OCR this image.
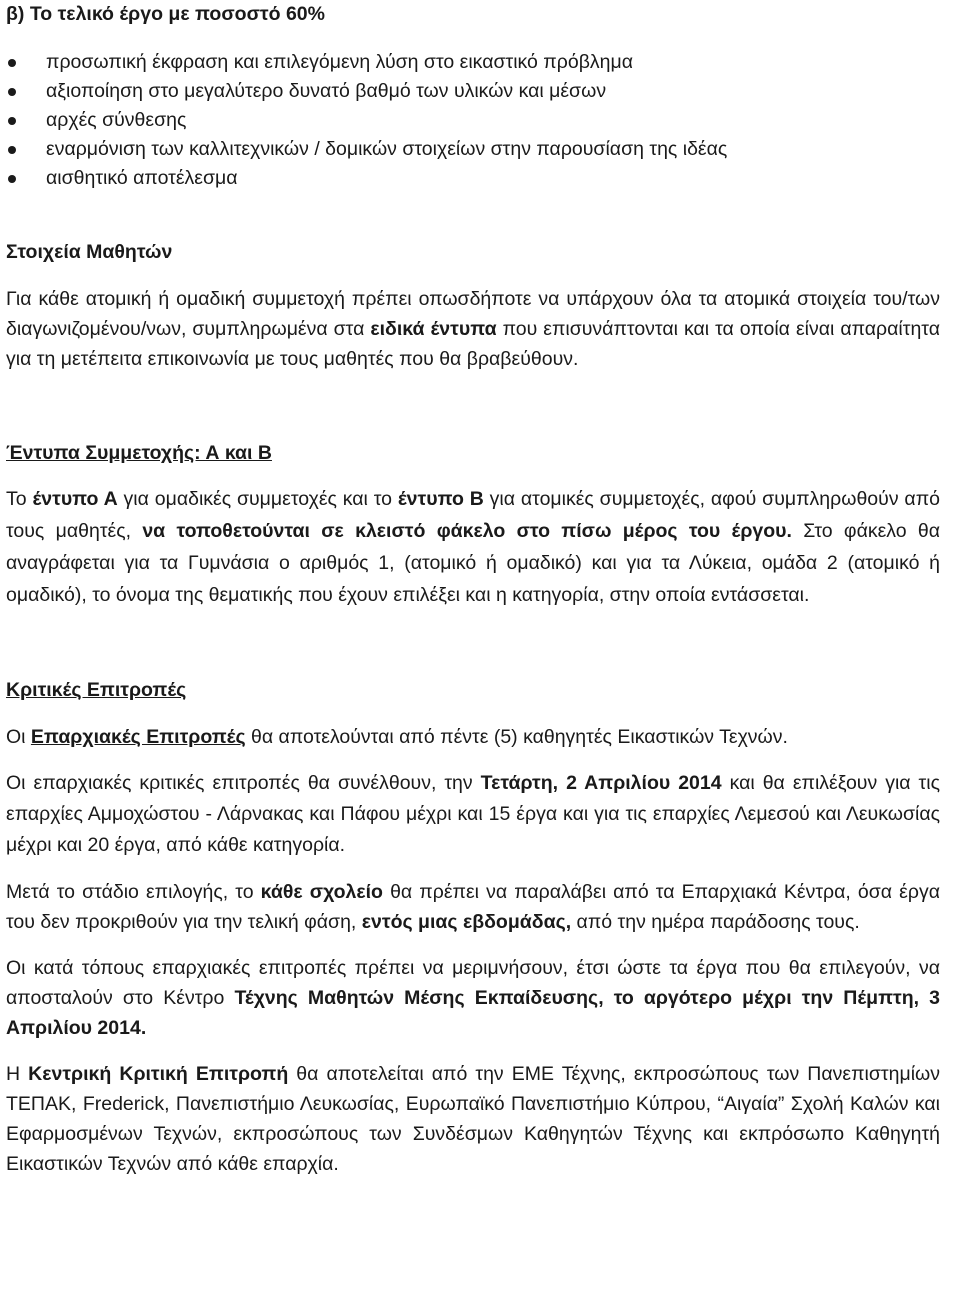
β) Το τελικό έργο με ποσοστό 60%
προσωπική έκφραση και επιλεγόμενη λύση στο εικαστικό πρόβλημα
αξιοποίηση στο μεγαλύτερο δυνατό βαθμό των υλικών και μέσων
αρχές σύνθεσης
εναρμόνιση των καλλιτεχνικών / δομικών στοιχείων στην παρουσίαση της ιδέας
αισθητικό αποτέλεσμα
Στοιχεία Μαθητών

Για κάθε ατομική ή ομαδική συμμετοχή πρέπει οπωσδήποτε να υπάρχουν όλα τα ατομικά στοιχεία του/των διαγωνιζομένου/νων, συμπληρωμένα στα ειδικά έντυπα που επισυνάπτονται και τα οποία είναι απαραίτητα για τη μετέπειτα επικοινωνία με τους μαθητές που θα βραβεύθουν.

Έντυπα Συμμετοχής: Α και Β

Το έντυπο Α για ομαδικές συμμετοχές και το έντυπο Β για ατομικές συμμετοχές, αφού συμπληρωθούν από τους μαθητές, να τοποθετούνται σε κλειστό φάκελο στο πίσω μέρος του έργου. Στο φάκελο θα αναγράφεται για τα Γυμνάσια ο αριθμός 1, (ατομικό ή ομαδικό) και για τα Λύκεια, ομάδα 2 (ατομικό ή ομαδικό), το όνομα της θεματικής που έχουν επιλέξει και η κατηγορία, στην οποία εντάσσεται.

Κριτικές Επιτροπές

Οι Επαρχιακές Επιτροπές θα αποτελούνται από πέντε (5) καθηγητές Εικαστικών Τεχνών.

Οι επαρχιακές κριτικές επιτροπές θα συνέλθουν, την Τετάρτη, 2 Απριλίου 2014 και θα επιλέξουν για τις επαρχίες Αμμοχώστου - Λάρνακας και Πάφου μέχρι και 15 έργα και για τις επαρχίες Λεμεσού και Λευκωσίας μέχρι και 20 έργα, από κάθε κατηγορία.

Μετά το στάδιο επιλογής, το κάθε σχολείο θα πρέπει να παραλάβει από τα Επαρχιακά Κέντρα, όσα έργα του δεν προκριθούν για την τελική φάση, εντός μιας εβδομάδας, από την ημέρα παράδοσης τους.

Οι κατά τόπους επαρχιακές επιτροπές πρέπει να μεριμνήσουν, έτσι ώστε τα έργα που θα επιλεγούν, να αποσταλούν στο Κέντρο Τέχνης Μαθητών Μέσης Εκπαίδευσης, το αργότερο μέχρι την Πέμπτη, 3 Απριλίου 2014.

Η Κεντρική Κριτική Επιτροπή θα αποτελείται από την ΕΜΕ Τέχνης, εκπροσώπους των Πανεπιστημίων ΤΕΠΑΚ, Frederick, Πανεπιστήμιο Λευκωσίας, Ευρωπαϊκό Πανεπιστήμιο Κύπρου, “Αιγαία” Σχολή Καλών και Εφαρμοσμένων Τεχνών, εκπροσώπους των Συνδέσμων Καθηγητών Τέχνης και εκπρόσωπο Καθηγητή Εικαστικών Τεχνών από κάθε επαρχία.
